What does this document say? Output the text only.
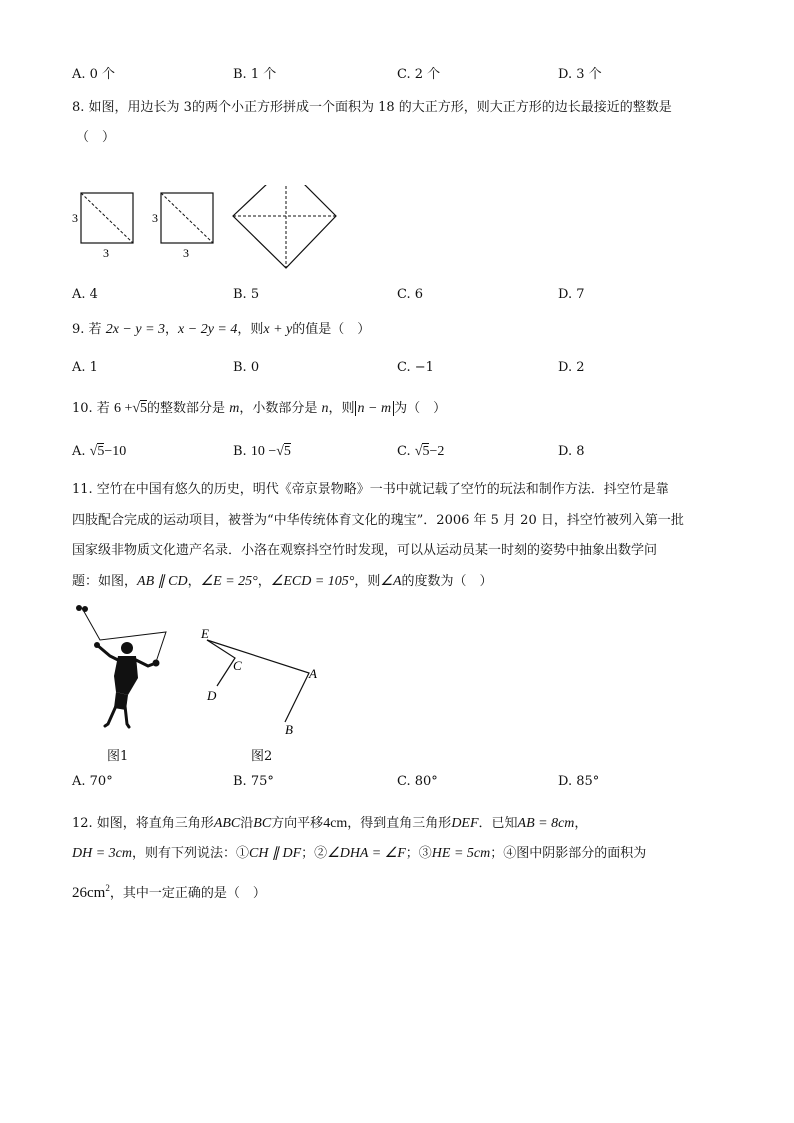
A. 0 个	B. 1 个	C. 2 个	D. 3 个
8. 如图，用边长为 3的两个小正方形拼成一个面积为 18 的大正方形，则大正方形的边长最接近的整数是
（　）
3
3
3
3
A. 4	B. 5	C. 6	D. 7
9. 若 2x − y = 3，x − 2y = 4，则x + y的值是（　）
A. 1	B. 0	C. −1	D. 2
10. 若 6 +√5的整数部分是 m，小数部分是 n，则 n − m 为（　）
A. √5−10	B. 10 −√5	C. √5−2	D. 8
11. 空竹在中国有悠久的历史，明代《帝京景物略》一书中就记载了空竹的玩法和制作方法．抖空竹是靠
四肢配合完成的运动项目，被誉为“中华传统体育文化的瑰宝”．2006 年 5 月 20 日，抖空竹被列入第一批
国家级非物质文化遗产名录．小洛在观察抖空竹时发现，可以从运动员某一时刻的姿势中抽象出数学问
题：如图，AB ∥ CD，∠E = 25°，∠ECD = 105°，则∠A的度数为（　）
E
C
A
D
B
图1	图2
A. 70°	B. 75°	C. 80°	D. 85°
12. 如图，将直角三角形ABC沿BC方向平移4cm，得到直角三角形DEF．已知AB = 8cm，
DH = 3cm，则有下列说法：①CH ∥ DF；②∠DHA = ∠F；③HE = 5cm；④图中阴影部分的面积为
$26cm^2$，其中一定正确的是（　）
